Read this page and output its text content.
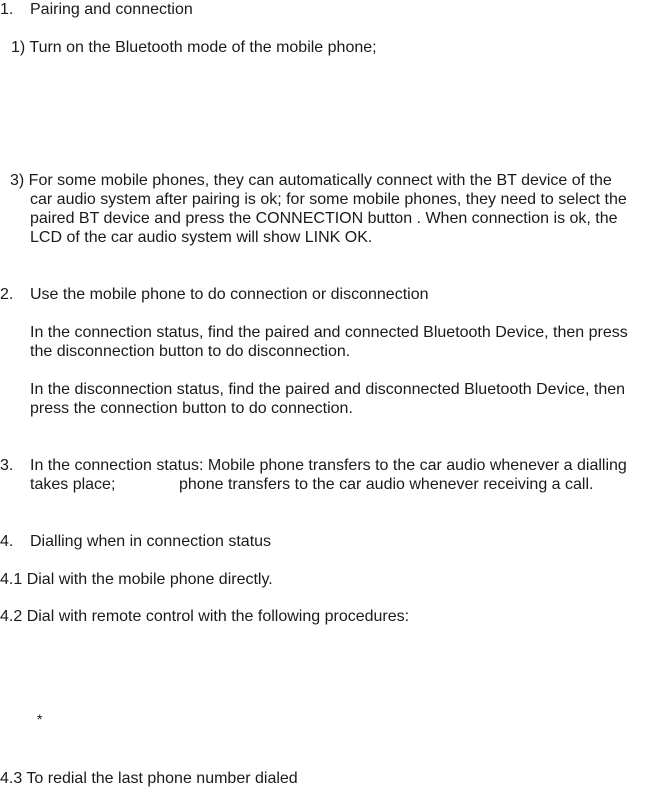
1. Pairing and connection
1) Turn on the Bluetooth mode of the mobile phone;
3) For some mobile phones, they can automatically connect with the BT device of the
car audio system after pairing is ok; for some mobile phones, they need to select the
paired BT device and press the CONNECTION button . When connection is ok, the
LCD of the car audio system will show LINK OK.
2. Use the mobile phone to do connection or disconnection
In the connection status, find the paired and connected Bluetooth Device, then press
the disconnection button to do disconnection.
In the disconnection status, find the paired and disconnected Bluetooth Device, then
press the connection button to do connection.
3. In the connection status: Mobile phone transfers to the car audio whenever a dialling
takes place;	phone transfers to the car audio whenever receiving a call.
4. Dialling when in connection status
4.1 Dial with the mobile phone directly.
4.2 Dial with remote control with the following procedures:
*
4.3 To redial the last phone number dialed
